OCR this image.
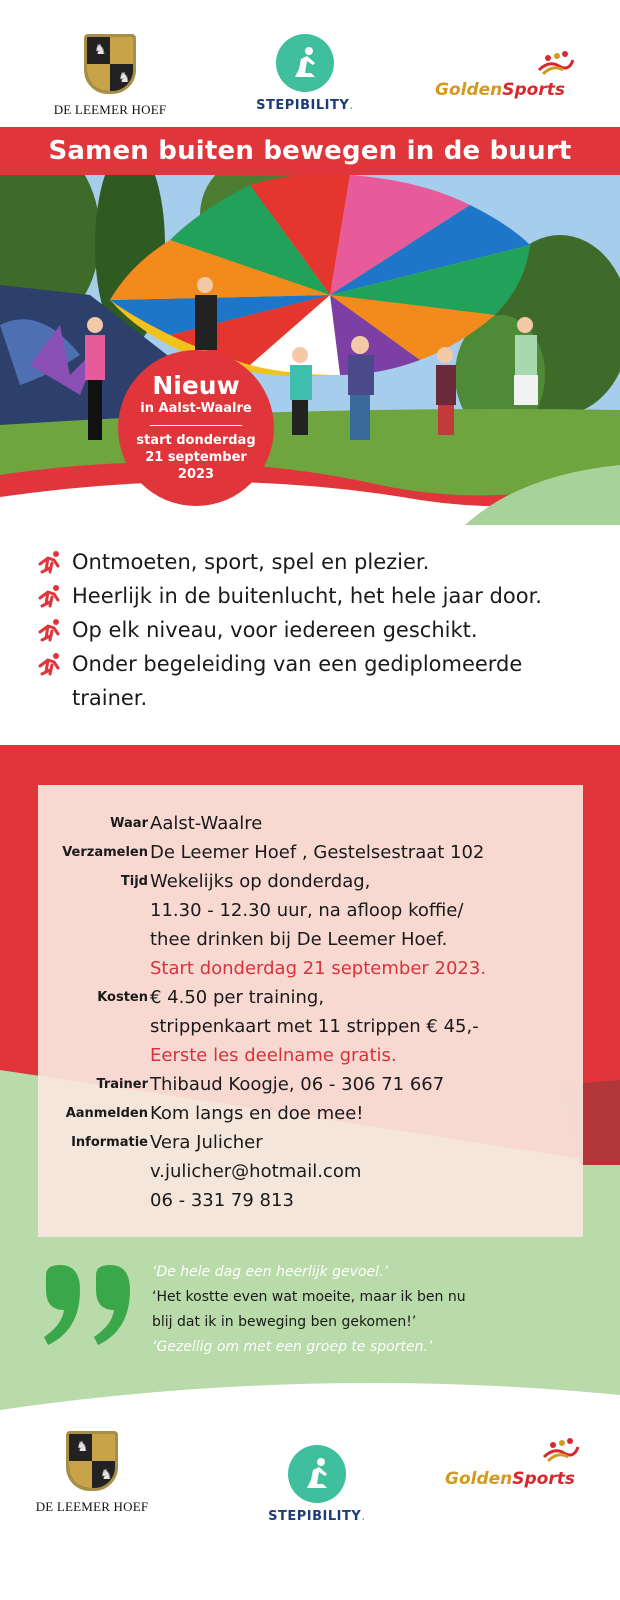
♞
♞
DE LEEMER HOEF	STEPIBILITY.
GoldenSports
Samen buiten bewegen in de buurt
Nieuw
in Aalst-Waalre
start donderdag
21 september
2023
Ontmoeten, sport, spel en plezier.
Heerlijk in de buitenlucht, het hele jaar door.
Op elk niveau, voor iedereen geschikt.
Onder begeleiding van een gediplomeerde
trainer.
Waar Aalst-Waalre
Verzamelen De Leemer Hoef , Gestelsestraat 102
Tijd Wekelijks op donderdag,
11.30 - 12.30 uur, na afloop koffie/
thee drinken bij De Leemer Hoef.
Start donderdag 21 september 2023.
Kosten € 4.50 per training,
strippenkaart met 11 strippen € 45,-
Eerste les deelname gratis.
Trainer Thibaud Koogje, 06 - 306 71 667
Aanmelden Kom langs en doe mee!
Informatie Vera Julicher
v.julicher@hotmail.com
06 - 331 79 813
‘De hele dag een heerlijk gevoel.’
‘Het kostte even wat moeite, maar ik ben nu
blij dat ik in beweging ben gekomen!’
‘Gezellig om met een groep te sporten.’
♞
♞
DE LEEMER HOEF
STEPIBILITY.
GoldenSports
